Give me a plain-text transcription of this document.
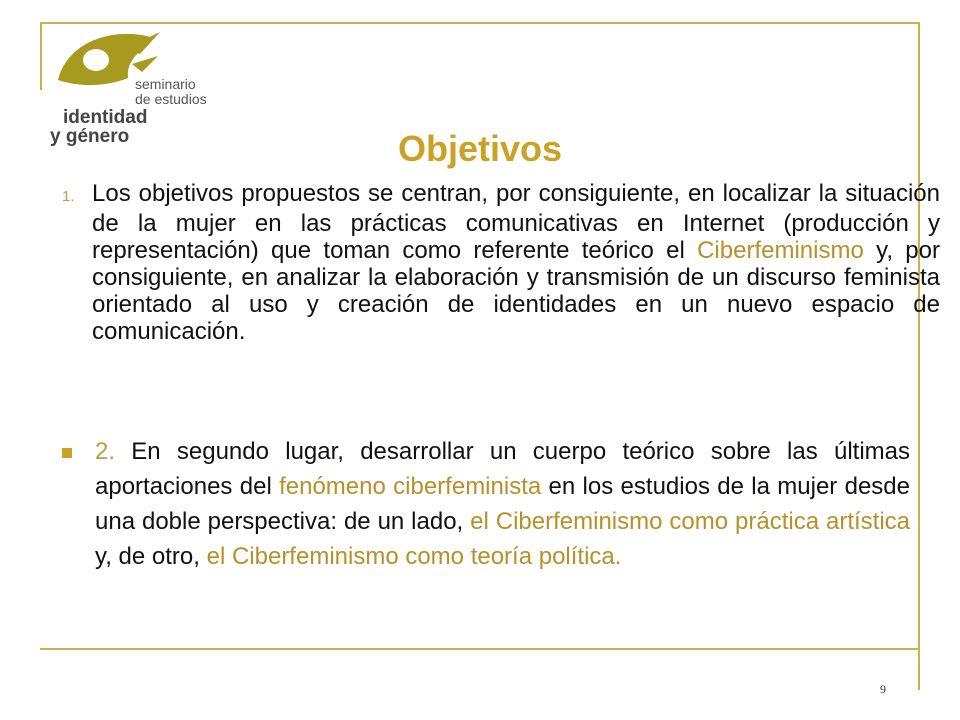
seminario
de estudios
identidad
y género	Objetivos
1. Los objetivos propuestos se centran, por consiguiente, en localizar la situación de la mujer en las prácticas comunicativas en Internet (producción y representación) que toman como referente teórico el Ciberfeminismo y, por consiguiente, en analizar la elaboración y transmisión de un discurso feminista orientado al uso y creación de identidades en un nuevo espacio de comunicación.
2. En segundo lugar, desarrollar un cuerpo teórico sobre las últimas aportaciones del fenómeno ciberfeminista en los estudios de la mujer desde una doble perspectiva: de un lado, el Ciberfeminismo como práctica artística y, de otro, el Ciberfeminismo como teoría política.
9
